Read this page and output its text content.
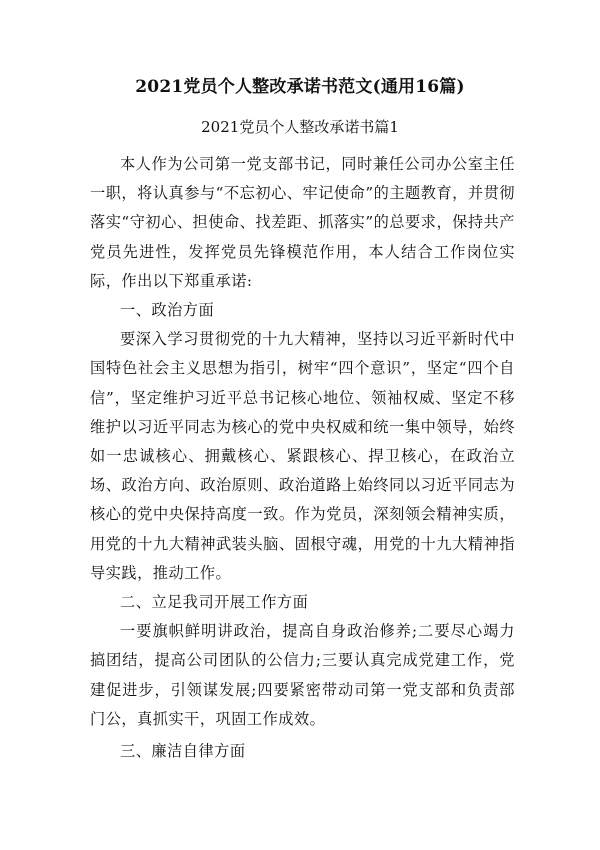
2021党员个人整改承诺书范文(通用16篇)
2021党员个人整改承诺书篇1

本人作为公司第一党支部书记，同时兼任公司办公室主任一职，将认真参与“不忘初心、牢记使命”的主题教育，并贯彻落实“守初心、担使命、找差距、抓落实”的总要求，保持共产党员先进性，发挥党员先锋模范作用，本人结合工作岗位实际，作出以下郑重承诺:

一、政治方面

要深入学习贯彻党的十九大精神，坚持以习近平新时代中国特色社会主义思想为指引，树牢“四个意识”，坚定“四个自信”，坚定维护习近平总书记核心地位、领袖权威、坚定不移维护以习近平同志为核心的党中央权威和统一集中领导，始终如一忠诚核心、拥戴核心、紧跟核心、捍卫核心，在政治立场、政治方向、政治原则、政治道路上始终同以习近平同志为核心的党中央保持高度一致。作为党员，深刻领会精神实质，用党的十九大精神武装头脑、固根守魂，用党的十九大精神指导实践，推动工作。

二、立足我司开展工作方面

一要旗帜鲜明讲政治，提高自身政治修养;二要尽心竭力搞团结，提高公司团队的公信力;三要认真完成党建工作，党建促进步，引领谋发展;四要紧密带动司第一党支部和负责部门公，真抓实干，巩固工作成效。

三、廉洁自律方面
